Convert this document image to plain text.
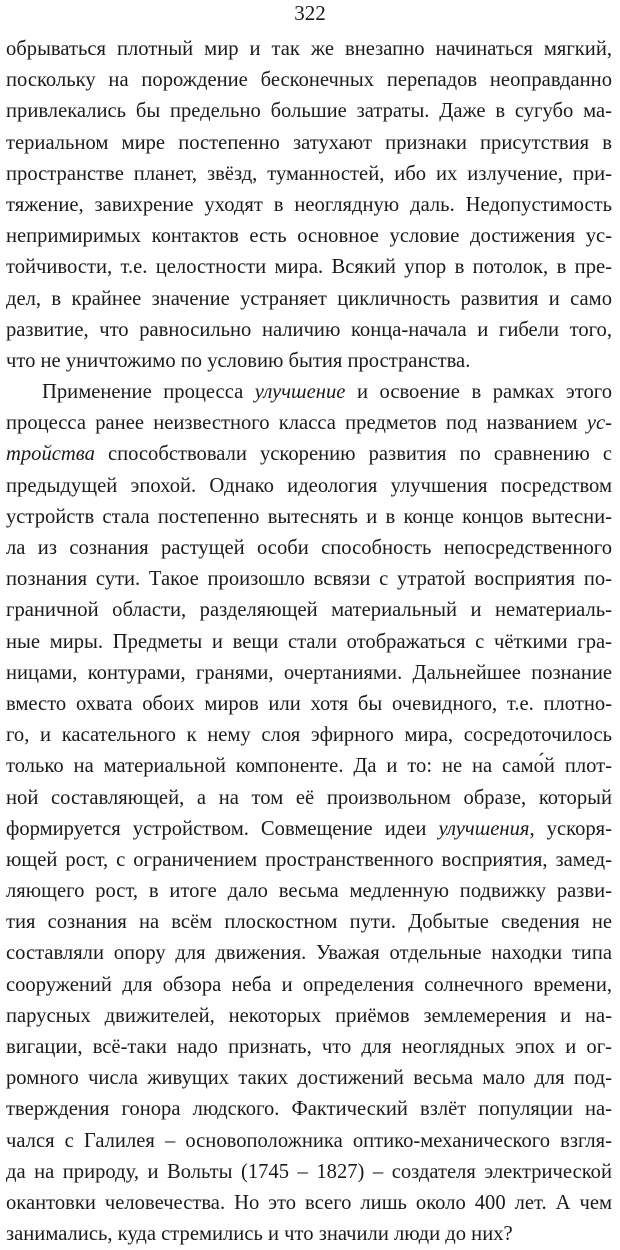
322
обрываться плотный мир и так же внезапно начинаться мягкий,
поскольку на порождение бесконечных перепадов неоправданно
привлекались бы предельно большие затраты. Даже в сугубо ма-
териальном мире постепенно затухают признаки присутствия в
пространстве планет, звёзд, туманностей, ибо их излучение, при-
тяжение, завихрение уходят в неоглядную даль. Недопустимость
непримиримых контактов есть основное условие достижения ус-
тойчивости, т.е. целостности мира. Всякий упор в потолок, в пре-
дел, в крайнее значение устраняет цикличность развития и само
развитие, что равносильно наличию конца-начала и гибели того,
что не уничтожимо по условию бытия пространства.
Применение процесса улучшение и освоение в рамках этого
процесса ранее неизвестного класса предметов под названием ус-
тройства способствовали ускорению развития по сравнению с
предыдущей эпохой. Однако идеология улучшения посредством
устройств стала постепенно вытеснять и в конце концов вытесни-
ла из сознания растущей особи способность непосредственного
познания сути. Такое произошло всвязи с утратой восприятия по-
граничной области, разделяющей материальный и нематериаль-
ные миры. Предметы и вещи стали отображаться с чёткими гра-
ницами, контурами, гранями, очертаниями. Дальнейшее познание
вместо охвата обоих миров или хотя бы очевидного, т.е. плотно-
го, и касательного к нему слоя эфирного мира, сосредоточилось
только на материальной компоненте. Да и то: не на само́й плот-
ной составляющей, а на том её произвольном образе, который
формируется устройством. Совмещение идеи улучшения, ускоря-
ющей рост, с ограничением пространственного восприятия, замед-
ляющего рост, в итоге дало весьма медленную подвижку разви-
тия сознания на всём плоскостном пути. Добытые сведения не
составляли опору для движения. Уважая отдельные находки типа
сооружений для обзора неба и определения солнечного времени,
парусных движителей, некоторых приёмов землемерения и на-
вигации, всё-таки надо признать, что для неоглядных эпох и ог-
ромного числа живущих таких достижений весьма мало для под-
тверждения гонора людского. Фактический взлёт популяции на-
чался с Галилея – основоположника оптико-механического взгля-
да на природу, и Вольты (1745 – 1827) – создателя электрической
окантовки человечества. Но это всего лишь около 400 лет. А чем
занимались, куда стремились и что значили люди до них?
